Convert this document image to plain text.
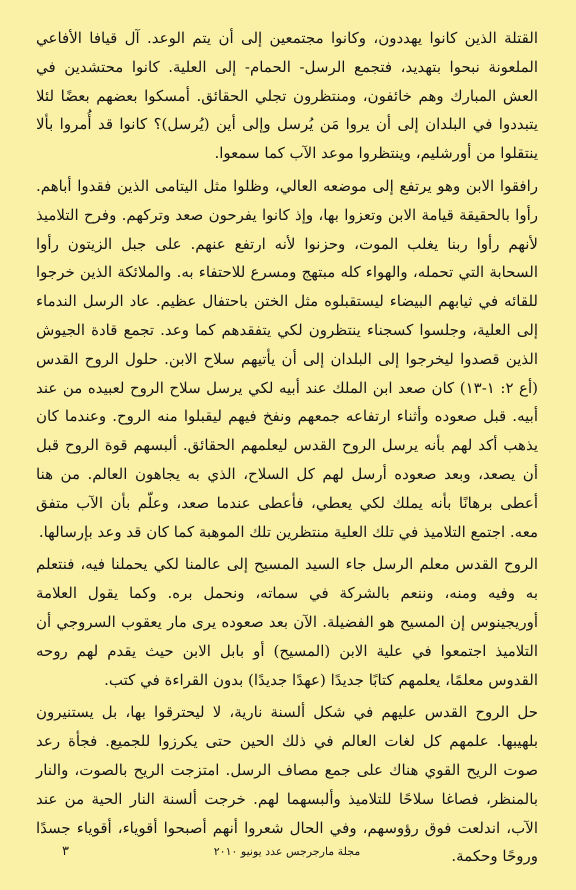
القتلة الذين كانوا يهددون، وكانوا مجتمعين إلى أن يتم الوعد. آل قيافا الأفاعي الملعونة نبحوا بتهديد، فتجمع الرسل- الحمام- إلى العلية. كانوا محتشدين في العش المبارك وهم خائفون، ومنتظرون تجلي الحقائق. أمسكوا بعضهم بعضًا لئلا يتبددوا في البلدان إلى أن يروا مَن يُرسل وإلى أين (يُرسل)؟ كانوا قد أُمروا بألا ينتقلوا من أورشليم، وينتظروا موعد الآب كما سمعوا.

رافقوا الابن وهو يرتفع إلى موضعه العالي، وظلوا مثل اليتامى الذين فقدوا أباهم. رأوا بالحقيقة قيامة الابن وتعزوا بها، وإذ كانوا يفرحون صعد وتركهم. وفرح التلاميذ لأنهم رأوا ربنا يغلب الموت، وحزنوا لأنه ارتفع عنهم. على جبل الزيتون رأوا السحابة التي تحمله، والهواء كله مبتهج ومسرع للاحتفاء به. والملائكة الذين خرجوا للقائه في ثيابهم البيضاء ليستقبلوه مثل الختن باحتفال عظيم. عاد الرسل الندماء إلى العلية، وجلسوا كسجناء ينتظرون لكي يتفقدهم كما وعد. تجمع قادة الجيوش الذين قصدوا ليخرجوا إلى البلدان إلى أن يأتيهم سلاح الابن. حلول الروح القدس (أع ٢: ١-١٣) كان صعد ابن الملك عند أبيه لكي يرسل سلاح الروح لعبيده من عند أبيه. قبل صعوده وأثناء ارتفاعه جمعهم ونفخ فيهم ليقبلوا منه الروح. وعندما كان يذهب أكد لهم بأنه يرسل الروح القدس ليعلمهم الحقائق. ألبسهم قوة الروح قبل أن يصعد، وبعد صعوده أرسل لهم كل السلاح، الذي به يجاهون العالم. من هنا أعطى برهانًا بأنه يملك لكي يعطي، فأعطى عندما صعد، وعلّم بأن الآب متفق معه. اجتمع التلاميذ في تلك العلية منتظرين تلك الموهبة كما كان قد وعد بإرسالها.

الروح القدس معلم الرسل جاء السيد المسيح إلى عالمنا لكي يحملنا فيه، فنتعلم به وفيه ومنه، وننعم بالشركة في سماته، ونحمل بره. وكما يقول العلامة أوريجينوس إن المسيح هو الفضيلة. الآن بعد صعوده يرى مار يعقوب السروجي أن التلاميذ اجتمعوا في علية الابن (المسيح) أو بابل الابن حيث يقدم لهم روحه القدوس معلمًا، يعلمهم كتابًا جديدًا (عهدًا جديدًا) بدون القراءة في كتب.

حل الروح القدس عليهم في شكل ألسنة نارية، لا ليحترقوا بها، بل يستنيرون بلهيبها. علمهم كل لغات العالم في ذلك الحين حتى يكرزوا للجميع. فجأة رعد صوت الريح القوي هناك على جمع مصاف الرسل. امتزجت الريح بالصوت، والنار بالمنظر، فصاغا سلاحًا للتلاميذ وألبسهما لهم. خرجت ألسنة النار الحية من عند الآب، اندلعت فوق رؤوسهم، وفي الحال شعروا أنهم أصبحوا أقوياء، أقوياء جسدًا وروحًا وحكمة.

مجلة مارجرجس عدد يونيو ٢٠١٠
٣
